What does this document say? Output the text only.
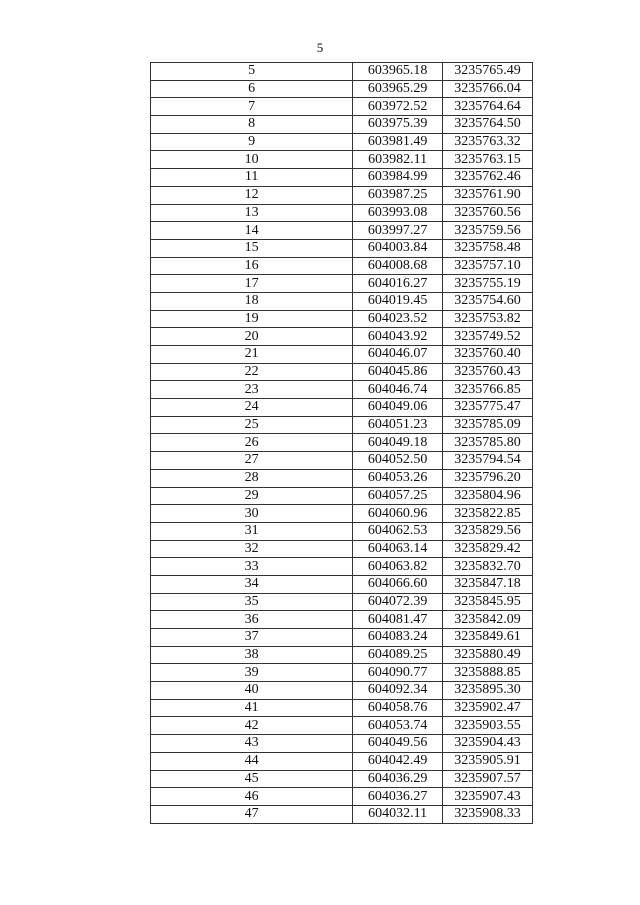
5
5	603965.18	3235765.49
6	603965.29	3235766.04
7	603972.52	3235764.64
8	603975.39	3235764.50
9	603981.49	3235763.32
10	603982.11	3235763.15
11	603984.99	3235762.46
12	603987.25	3235761.90
13	603993.08	3235760.56
14	603997.27	3235759.56
15	604003.84	3235758.48
16	604008.68	3235757.10
17	604016.27	3235755.19
18	604019.45	3235754.60
19	604023.52	3235753.82
20	604043.92	3235749.52
21	604046.07	3235760.40
22	604045.86	3235760.43
23	604046.74	3235766.85
24	604049.06	3235775.47
25	604051.23	3235785.09
26	604049.18	3235785.80
27	604052.50	3235794.54
28	604053.26	3235796.20
29	604057.25	3235804.96
30	604060.96	3235822.85
31	604062.53	3235829.56
32	604063.14	3235829.42
33	604063.82	3235832.70
34	604066.60	3235847.18
35	604072.39	3235845.95
36	604081.47	3235842.09
37	604083.24	3235849.61
38	604089.25	3235880.49
39	604090.77	3235888.85
40	604092.34	3235895.30
41	604058.76	3235902.47
42	604053.74	3235903.55
43	604049.56	3235904.43
44	604042.49	3235905.91
45	604036.29	3235907.57
46	604036.27	3235907.43
47	604032.11	3235908.33
